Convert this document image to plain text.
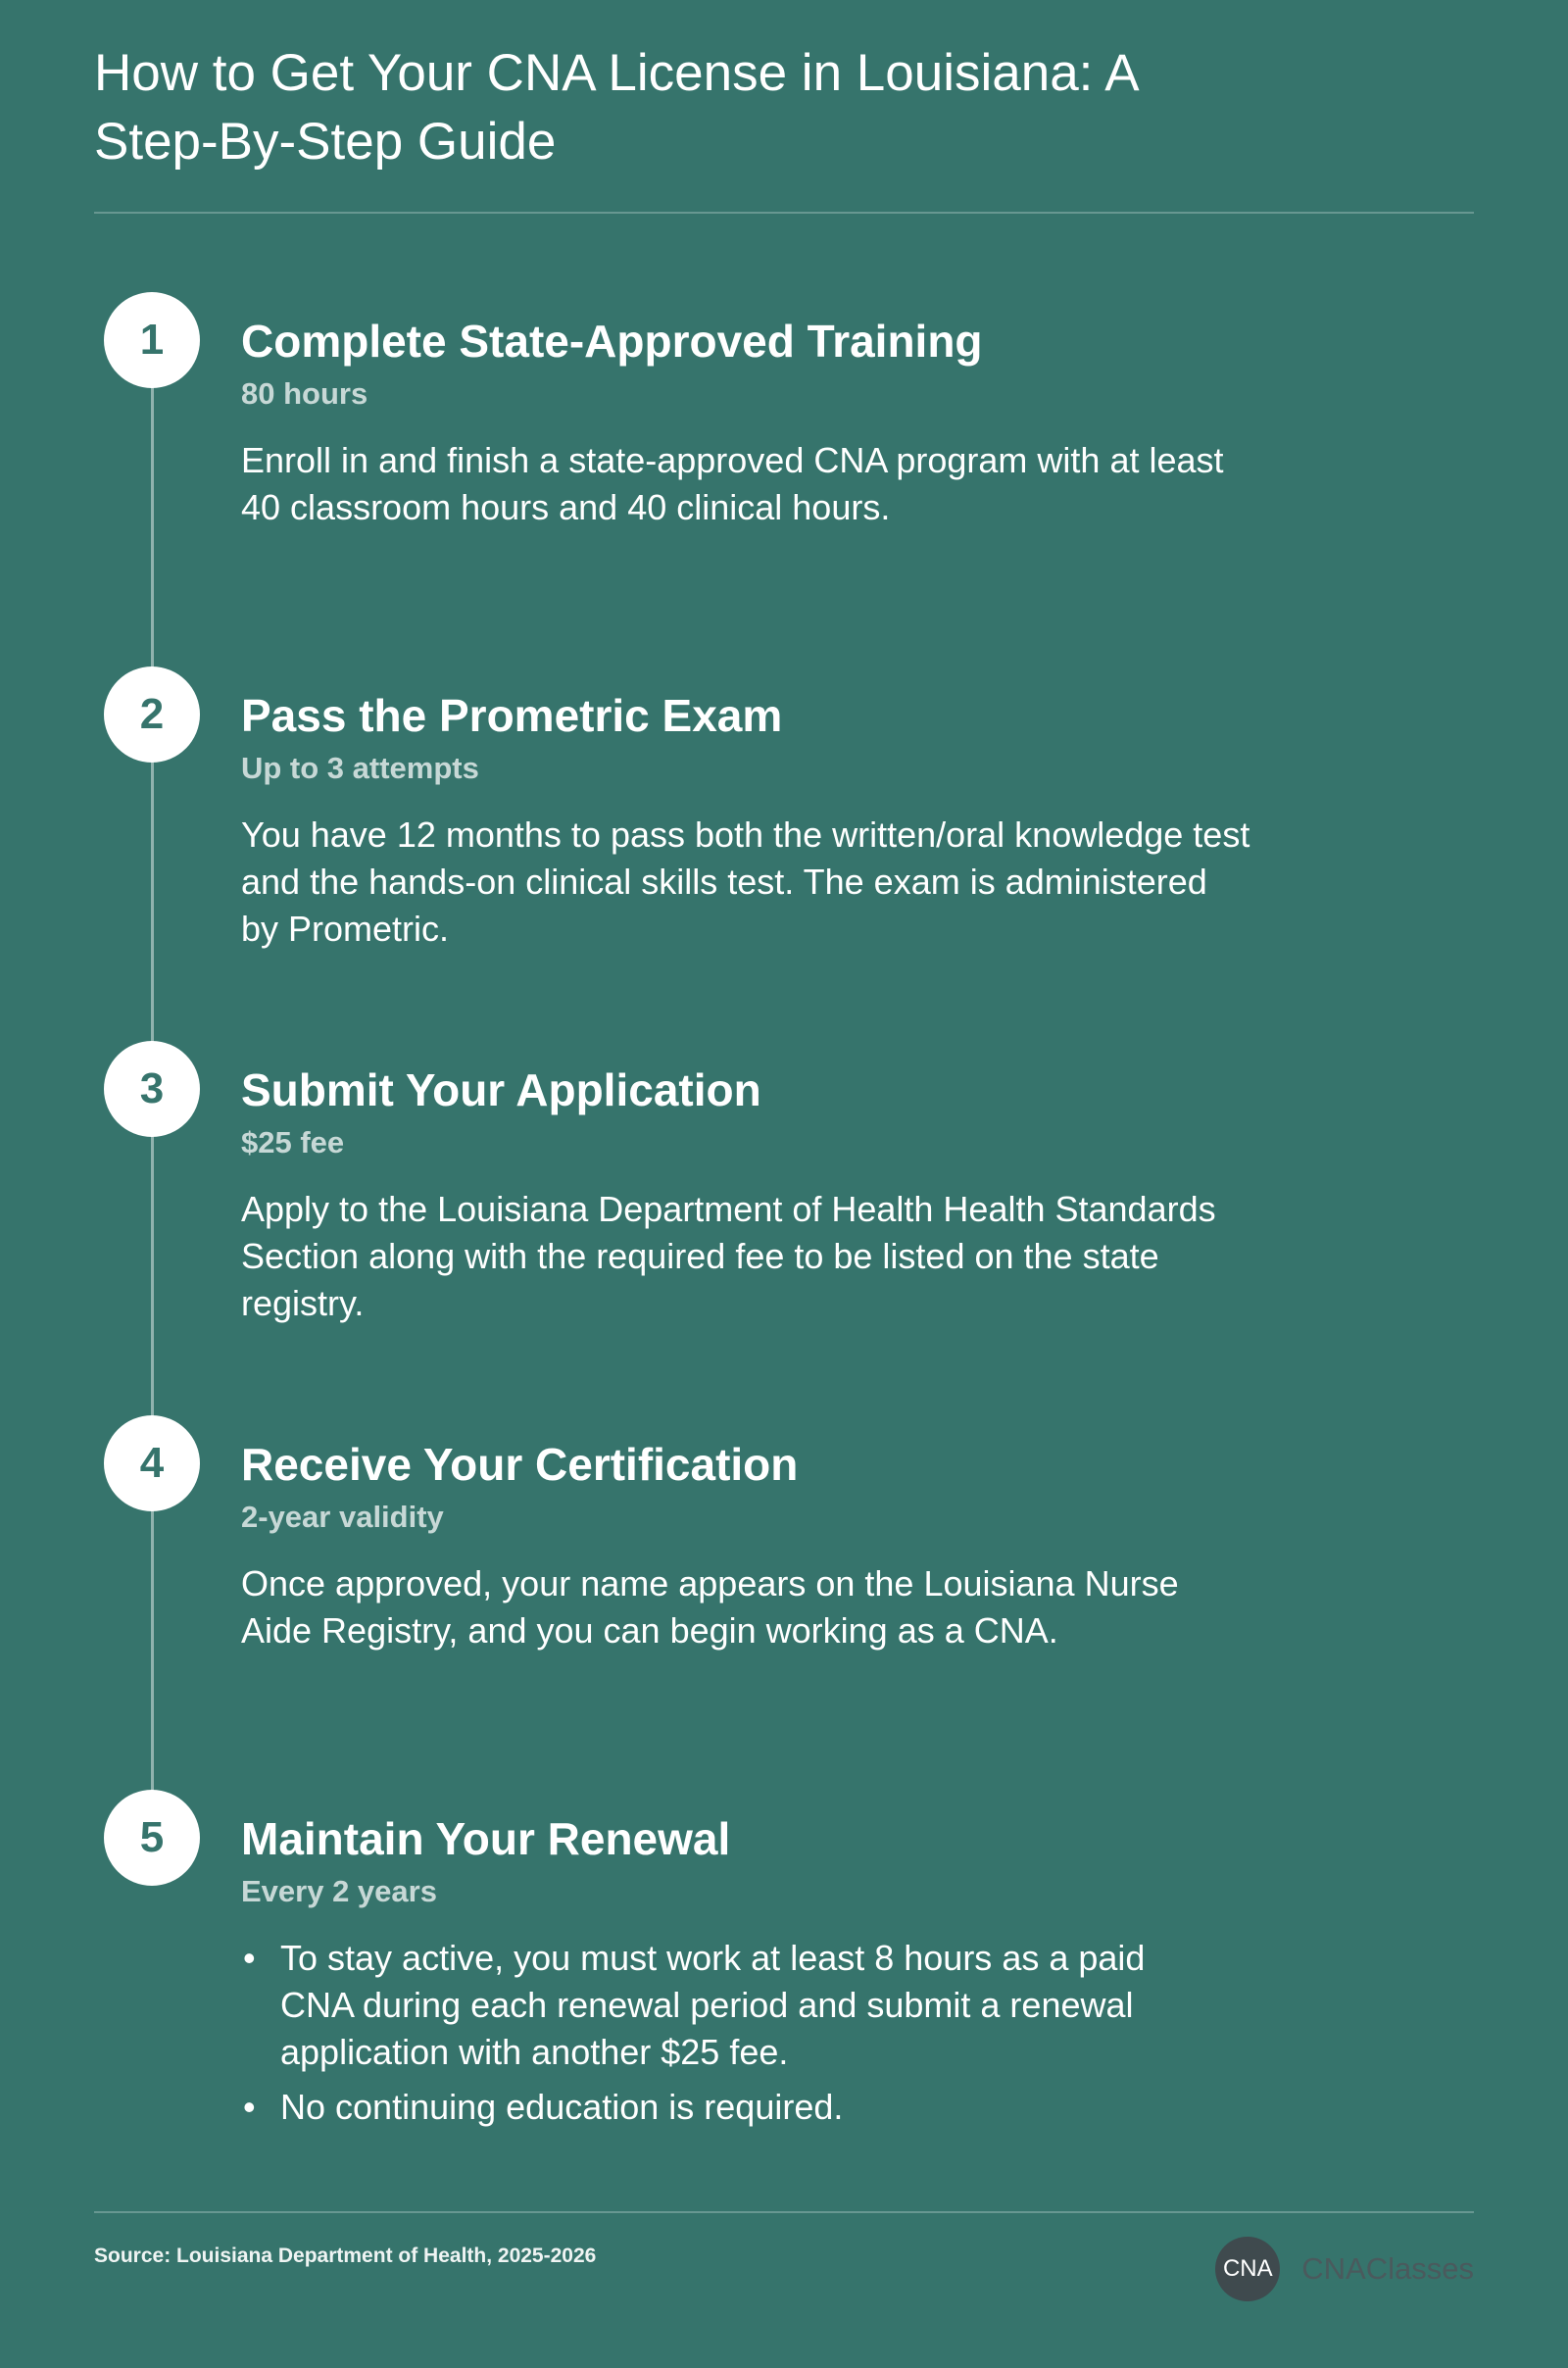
How to Get Your CNA License in Louisiana: A Step-By-Step Guide
1	Complete State-Approved Training
80 hours
Enroll in and finish a state-approved CNA program with at least 40 classroom hours and 40 clinical hours.
2	Pass the Prometric Exam
Up to 3 attempts
You have 12 months to pass both the written/oral knowledge test and the hands-on clinical skills test. The exam is administered by Prometric.
3	Submit Your Application
$25 fee
Apply to the Louisiana Department of Health Health Standards Section along with the required fee to be listed on the state registry.
4	Receive Your Certification
2-year validity
Once approved, your name appears on the Louisiana Nurse Aide Registry, and you can begin working as a CNA.
5	Maintain Your Renewal
Every 2 years
• To stay active, you must work at least 8 hours as a paid CNA during each renewal period and submit a renewal application with another $25 fee.
• No continuing education is required.
Source: Louisiana Department of Health, 2025-2026	CNA CNAClasses
